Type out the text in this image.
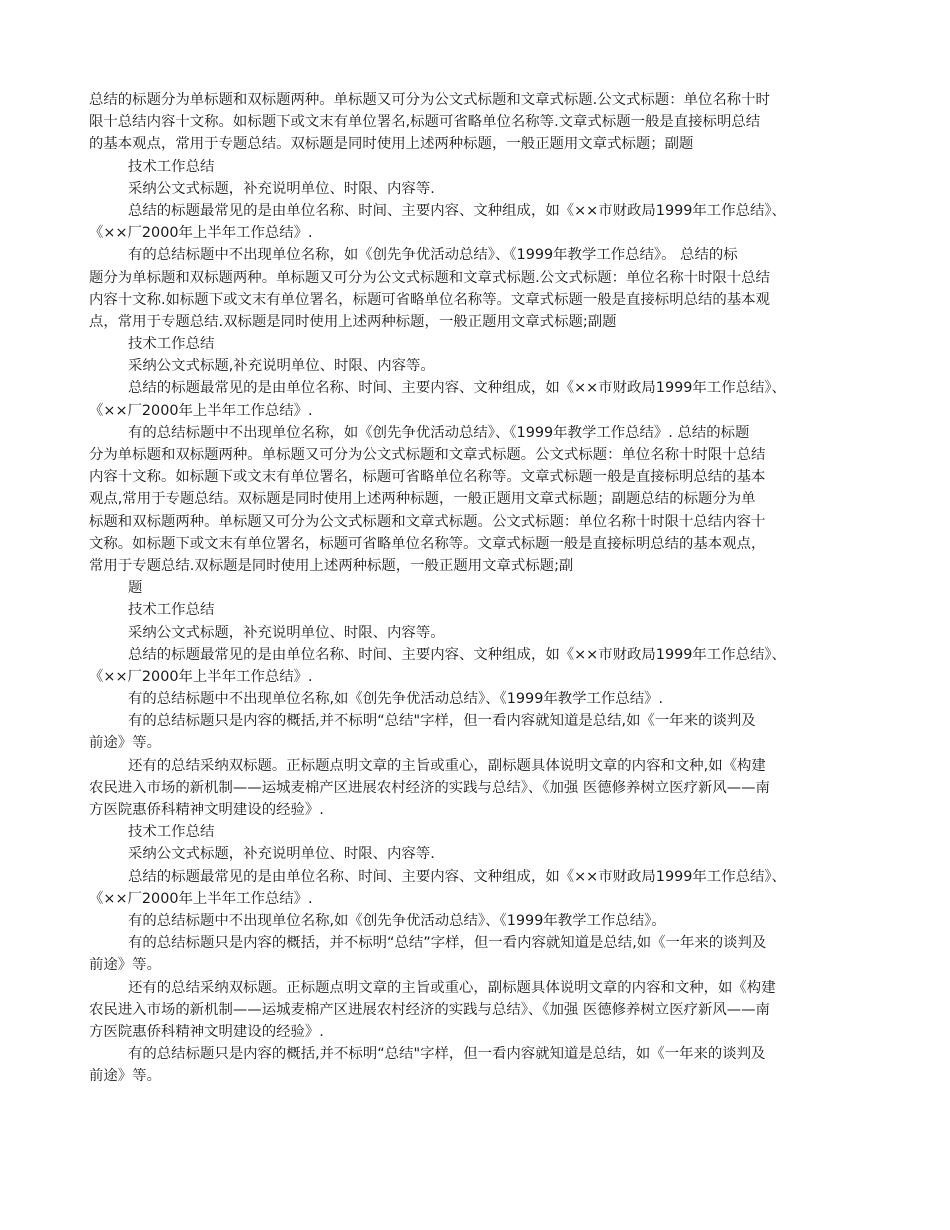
总结的标题分为单标题和双标题两种。单标题又可分为公文式标题和文章式标题.公文式标题：单位名称十时
限十总结内容十文称。如标题下或文末有单位署名,标题可省略单位名称等.文章式标题一般是直接标明总结
的基本观点，常用于专题总结。双标题是同时使用上述两种标题，一般正题用文章式标题；副题
技术工作总结
采纳公文式标题，补充说明单位、时限、内容等.
总结的标题最常见的是由单位名称、时间、主要内容、文种组成，如《××市财政局1999年工作总结》、
《××厂2000年上半年工作总结》.
有的总结标题中不出现单位名称，如《创先争优活动总结》、《1999年教学工作总结》。 总结的标
题分为单标题和双标题两种。单标题又可分为公文式标题和文章式标题.公文式标题：单位名称十时限十总结
内容十文称.如标题下或文末有单位署名，标题可省略单位名称等。文章式标题一般是直接标明总结的基本观
点，常用于专题总结.双标题是同时使用上述两种标题，一般正题用文章式标题;副题
技术工作总结
采纳公文式标题,补充说明单位、时限、内容等。
总结的标题最常见的是由单位名称、时间、主要内容、文种组成，如《××市财政局1999年工作总结》、
《××厂2000年上半年工作总结》.
有的总结标题中不出现单位名称，如《创先争优活动总结》、《1999年教学工作总结》. 总结的标题
分为单标题和双标题两种。单标题又可分为公文式标题和文章式标题。公文式标题：单位名称十时限十总结
内容十文称。如标题下或文末有单位署名，标题可省略单位名称等。文章式标题一般是直接标明总结的基本
观点,常用于专题总结。双标题是同时使用上述两种标题，一般正题用文章式标题；副题总结的标题分为单
标题和双标题两种。单标题又可分为公文式标题和文章式标题。公文式标题：单位名称十时限十总结内容十
文称。如标题下或文末有单位署名，标题可省略单位名称等。文章式标题一般是直接标明总结的基本观点，
常用于专题总结.双标题是同时使用上述两种标题，一般正题用文章式标题;副
题
技术工作总结
采纳公文式标题，补充说明单位、时限、内容等。
总结的标题最常见的是由单位名称、时间、主要内容、文种组成，如《××市财政局1999年工作总结》、
《××厂2000年上半年工作总结》.
有的总结标题中不出现单位名称,如《创先争优活动总结》、《1999年教学工作总结》.
有的总结标题只是内容的概括,并不标明“总结"字样，但一看内容就知道是总结,如《一年来的谈判及
前途》等。
还有的总结采纳双标题。正标题点明文章的主旨或重心，副标题具体说明文章的内容和文种,如《构建
农民进入市场的新机制——运城麦棉产区进展农村经济的实践与总结》、《加强 医德修养树立医疗新风——南
方医院惠侨科精神文明建设的经验》.
技术工作总结
采纳公文式标题，补充说明单位、时限、内容等.
总结的标题最常见的是由单位名称、时间、主要内容、文种组成，如《××市财政局1999年工作总结》、
《××厂2000年上半年工作总结》.
有的总结标题中不出现单位名称,如《创先争优活动总结》、《1999年教学工作总结》。
有的总结标题只是内容的概括，并不标明“总结”字样，但一看内容就知道是总结,如《一年来的谈判及
前途》等。
还有的总结采纳双标题。正标题点明文章的主旨或重心，副标题具体说明文章的内容和文种，如《构建
农民进入市场的新机制——运城麦棉产区进展农村经济的实践与总结》、《加强 医德修养树立医疗新风——南
方医院惠侨科精神文明建设的经验》.
有的总结标题只是内容的概括,并不标明“总结"字样，但一看内容就知道是总结，如《一年来的谈判及
前途》等。
